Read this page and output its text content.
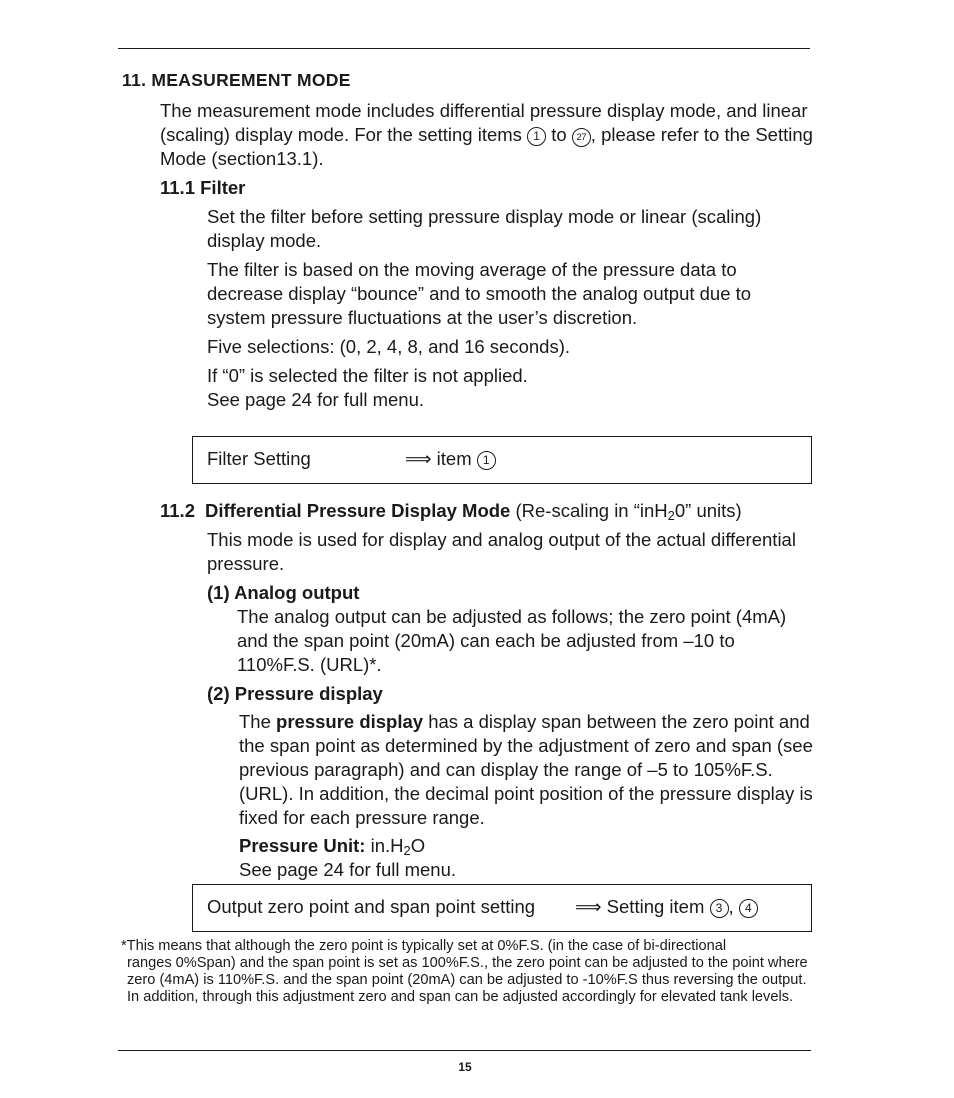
11. MEASUREMENT MODE

The measurement mode includes differential pressure display mode, and linear (scaling) display mode. For the setting items 1 to 27 , please refer to the Setting Mode (section13.1).

11.1 Filter

Set the filter before setting pressure display mode or linear (scaling) display mode.

The filter is based on the moving average of the pressure data to decrease display “bounce” and to smooth the analog output due to system pressure fluctuations at the user’s discretion.

Five selections: (0, 2, 4, 8, and 16 seconds).

If “0” is selected the filter is not applied.
See page 24 for full menu.

Filter Setting	⟹ item 1
11.2 Differential Pressure Display Mode (Re-scaling in “inH$_2$0” units)

This mode is used for display and analog output of the actual differential pressure.

(1) Analog output

The analog output can be adjusted as follows; the zero point (4mA) and the span point (20mA) can each be adjusted from –10 to 110%F.S. (URL)*.

(2) Pressure display

The pressure display has a display span between the zero point and the span point as determined by the adjustment of zero and span (see previous paragraph) and can display the range of –5 to 105%F.S.(URL). In addition, the decimal point position of the pressure display is fixed for each pressure range.

Pressure Unit: $in.H_2O$
See page 24 for full menu.

Output zero point and span point setting ⟹ Setting item 3 , 4

*This means that although the zero point is typically set at 0%F.S. (in the case of bi-directional
ranges 0%Span) and the span point is set as 100%F.S., the zero point can be adjusted to the point where zero (4mA) is 110%F.S. and the span point (20mA) can be adjusted to -10%F.S thus reversing the output. In addition, through this adjustment zero and span can be adjusted accordingly for elevated tank levels.

15
